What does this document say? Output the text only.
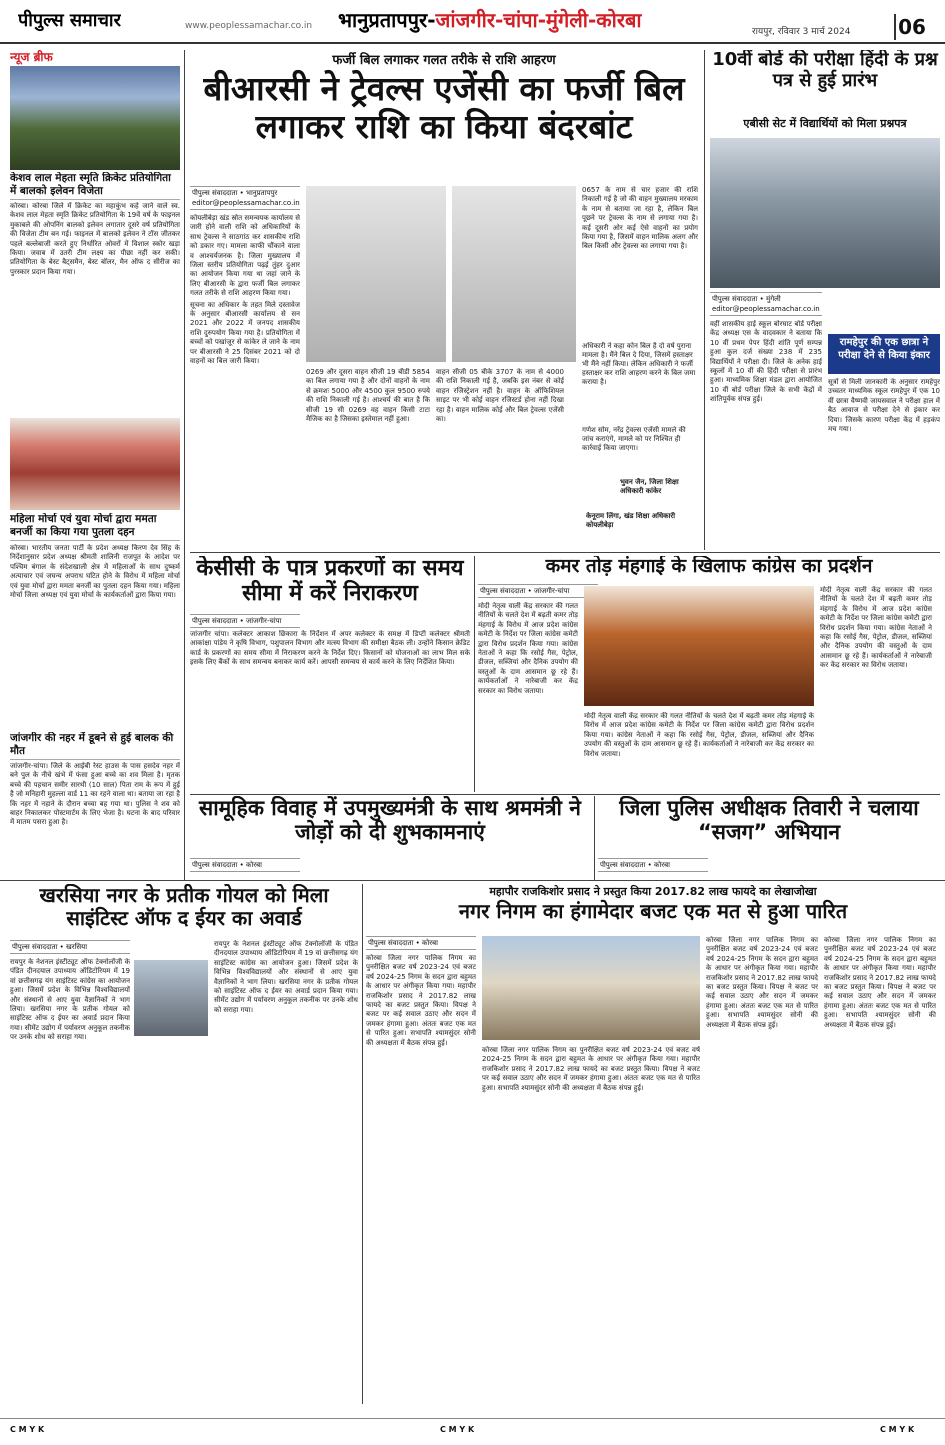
पीपुल्स समाचार	www.peoplessamachar.co.in भानुप्रतापपुर-जांजगीर-चांपा-मुंगेली-कोरबा	रायपुर, रविवार 3 मार्च 2024 06
न्यूज ब्रीफ
केशव लाल मेहता स्मृति क्रिकेट प्रतियोगिता में बालको इलेवन विजेता
कोरबा। कोरबा जिले में क्रिकेट का महाकुंभ कहे जाने वाले स्व. केशव लाल मेहता स्मृति क्रिकेट प्रतियोगिता के 19वें वर्ष के फाइनल मुकाबले की ओपनिंग बालको इलेवन लगातार दूसरे वर्ष प्रतियोगिता की विजेता टीम बन गई। फाइनल में बालको इलेवन ने टॉस जीतकर पहले बल्लेबाजी करते हुए निर्धारित ओवरों में विशाल स्कोर खड़ा किया। जवाब में उतरी टीम लक्ष्य का पीछा नहीं कर सकी। प्रतियोगिता के बेस्ट बैट्समैन, बेस्ट बॉलर, मैन ऑफ द सीरीज का पुरस्कार प्रदान किया गया।
महिला मोर्चा एवं युवा मोर्चा द्वारा ममता बनर्जी का किया गया पुतला दहन
कोरबा। भारतीय जनता पार्टी के प्रदेश अध्यक्ष किरण देव सिंह के निर्देशानुसार प्रदेश अध्यक्ष श्रीमती शालिनी राजपूत के आदेश पर पश्चिम बंगाल के संदेशखाली क्षेत्र में महिलाओं के साथ दुष्कर्म अत्याचार एवं जघन्य अपराध घटित होने के विरोध में महिला मोर्चा एवं युवा मोर्चा द्वारा ममता बनर्जी का पुतला दहन किया गया। महिला मोर्चा जिला अध्यक्ष एवं युवा मोर्चा के कार्यकर्ताओं द्वारा किया गया।
जांजगीर की नहर में डूबने से हुई बालक की मौत
जांजगीर-चांपा। जिले के आईबी रेस्ट हाउस के पास हसदेव नहर में बने पुल के नीचे खंभे में फंसा हुआ बच्चे का शव मिला है। मृतक बच्चे की पहचान समीर सारथी (10 साल) पिता राम के रूप में हुई है जो मनिहारी मुहल्ला वार्ड 11 का रहने वाला था। बताया जा रहा है कि नहर में नहाने के दौरान बच्चा बह गया था। पुलिस ने शव को बाहर निकालकर पोस्टमार्टम के लिए भेजा है। घटना के बाद परिवार में मातम पसरा हुआ है।
फर्जी बिल लगाकर गलत तरीके से राशि आहरण
बीआरसी ने ट्रेवल्स एजेंसी का फर्जी बिल लगाकर राशि का किया बंदरबांट
पीपुल्स संवाददाता • भानुप्रतापपुर
editor@peoplessamachar.co.in

कोयलीबेड़ा खंड स्रोत समन्वयक कार्यालय से जारी होने वाली राशि को अधिकारियों के साथ ट्रेवल्स ने साठगांठ कर शासकीय राशि को डकार गए। मामला काफी चौंकाने वाला व आश्चर्यजनक है। जिला मुख्यालय में जिला स्तरीय प्रतियोगिता पढ़ई तुंहर दुआर का आयोजन किया गया था जहां जाने के लिए बीआरसी के द्वारा फर्जी बिल लगाकर गलत तरीके से राशि आहरण किया गया।

सूचना का अधिकार के तहत मिले दस्तावेज के अनुसार बीआरसी कार्यालय से सन 2021 और 2022 में जनपद शासकीय राशि दुरुपयोग किया गया है। प्रतियोगिता में बच्चों को पखांजूर से कांकेर ले जाने के नाम पर बीआरसी ने 25 दिसंबर 2021 को दो वाहनों का बिल जारी किया।

0269 और दूसरा वाहन सीजी 19 बीडी 5854 का बिल लगाया गया है और दोनों वाहनों के नाम से क्रमशः 5000 और 4500 कुल 9500 रुपये की राशि निकाली गई है। आश्चर्य की बात है कि सीजी 19 सी 0269 वह वाहन किसी टाटा मैजिक का है जिसका इस्तेमाल नहीं हुआ।
वाहन सीजी 05 बीके 3707 के नाम से 4000 की राशि निकाली गई है, जबकि इस नंबर से कोई वाहन रजिस्ट्रेशन नहीं है। वाहन के ऑफिशियल साइट पर भी कोई वाहन रजिस्टर्ड होना नहीं दिखा रहा है। वाहन मालिक कोई और बिल ट्रेवल्स एजेंसी का।
0657 के नाम से चार हजार की राशि निकाली गई है जो की वाहन मुख्यालय मरकाम के नाम से बताया जा रहा है, लेकिन बिल पूछने पर ट्रेवल्स के नाम से लगाया गया है। कई दूसरी ओर कई ऐसे वाहनों का प्रयोग किया गया है, जिसमें वाहन मालिक अलग और बिल किसी और ट्रेवल्स का लगाया गया है।
अधिकारी ने कहा कोन बिल है दो वर्ष पुराना मामला है। मैंने बिल दे दिया, जिसमें हस्ताक्षर भी मैंने नहीं किया। लेकिन अधिकारी ने फर्जी हस्ताक्षर कर राशि आहरण करने के बिल जमा कराया है।
गणेश सोम, नरेंद्र ट्रेवल्स एजेंसी मामले की जांच कराएंगे, मामले को पर निश्चित ही कार्रवाई किया जाएगा।
भुवन जैन, जिला शिक्षा अधिकारी कांकेर
केनूराम लिंगा, खंड शिक्षा अधिकारी कोयलीबेड़ा
10वीं बोर्ड की परीक्षा हिंदी के प्रश्न पत्र से हुई प्रारंभ
एबीसी सेट में विद्यार्थियों को मिला प्रश्नपत्र
पीपुल्स संवाददाता • मुंगेली
editor@peoplessamachar.co.in
वहीं शासकीय हाई स्कूल बोरघाट बोर्ड परीक्षा केंद्र अध्यक्ष एस के वादवकार ने बताया कि 10 वीं प्रथम पेपर हिंदी शांति पूर्ण सम्पन्न हुआ कुल दर्ज संख्या 238 में 235 विद्यार्थियों ने परीक्षा दी। जिले के अनेक हाई स्कूलों में 10 वीं की हिंदी परीक्षा से प्रारंभ हुआ। माध्यमिक शिक्षा मंडल द्वारा आयोजित 10 वीं बोर्ड परीक्षा जिले के सभी केंद्रों में शांतिपूर्वक संपन्न हुई।
रामहेपुर की एक छात्रा ने परीक्षा देने से किया इंकार
सूत्रों से मिली जानकारी के अनुसार रामहेपुर उच्चतर माध्यमिक स्कूल रामहेपुर में एक 10 वीं छात्रा वैष्णवी जायसवाल ने परीक्षा हाल में बैठ आवाज से परीक्षा देने से इंकार कर दिया। जिसके कारण परीक्षा केंद्र में हड़कंप मच गया।
केसीसी के पात्र प्रकरणों का समय सीमा में करें निराकरण
पीपुल्स संवाददाता • जांजगीर-चांपा
जांजगीर चांपा। कलेक्टर आकाश छिकारा के निर्देशन में अपर कलेक्टर के समक्ष में डिप्टी कलेक्टर श्रीमती आकांक्षा पांडेय ने कृषि विभाग, पशुपालन विभाग और मत्स्य विभाग की समीक्षा बैठक ली। उन्होंने किसान क्रेडिट कार्ड के प्रकरणों का समय सीमा में निराकरण करने के निर्देश दिए। किसानों को योजनाओं का लाभ मिल सके इसके लिए बैंकों के साथ समन्वय बनाकर कार्य करें। आपसी समन्वय से कार्य करने के लिए निर्देशित किया।
कमर तोड़ मंहगाई के खिलाफ कांग्रेस का प्रदर्शन
पीपुल्स संवाददाता • जांजगीर-चांपा
मोदी नेतृत्व वाली केंद्र सरकार की गलत नीतियों के चलते देश में बढ़ती कमर तोड़ मंहगाई के विरोध में आज प्रदेश कांग्रेस कमेटी के निर्देश पर जिला कांग्रेस कमेटी द्वारा विरोध प्रदर्शन किया गया। कांग्रेस नेताओं ने कहा कि रसोई गैस, पेट्रोल, डीजल, सब्जियां और दैनिक उपयोग की वस्तुओं के दाम आसमान छू रहे हैं। कार्यकर्ताओं ने नारेबाजी कर केंद्र सरकार का विरोध जताया।
मोदी नेतृत्व वाली केंद्र सरकार की गलत नीतियों के चलते देश में बढ़ती कमर तोड़ मंहगाई के विरोध में आज प्रदेश कांग्रेस कमेटी के निर्देश पर जिला कांग्रेस कमेटी द्वारा विरोध प्रदर्शन किया गया। कांग्रेस नेताओं ने कहा कि रसोई गैस, पेट्रोल, डीजल, सब्जियां और दैनिक उपयोग की वस्तुओं के दाम आसमान छू रहे हैं। कार्यकर्ताओं ने नारेबाजी कर केंद्र सरकार का विरोध जताया।
मोदी नेतृत्व वाली केंद्र सरकार की गलत नीतियों के चलते देश में बढ़ती कमर तोड़ मंहगाई के विरोध में आज प्रदेश कांग्रेस कमेटी के निर्देश पर जिला कांग्रेस कमेटी द्वारा विरोध प्रदर्शन किया गया। कांग्रेस नेताओं ने कहा कि रसोई गैस, पेट्रोल, डीजल, सब्जियां और दैनिक उपयोग की वस्तुओं के दाम आसमान छू रहे हैं। कार्यकर्ताओं ने नारेबाजी कर केंद्र सरकार का विरोध जताया।
सामूहिक विवाह में उपमुख्यमंत्री के साथ श्रममंत्री ने जोड़ों को दी शुभकामनाएं
पीपुल्स संवाददाता • कोरबा
जिला पुलिस अधीक्षक तिवारी ने चलाया “सजग” अभियान
पीपुल्स संवाददाता • कोरबा
खरसिया नगर के प्रतीक गोयल को मिला साइंटिस्ट ऑफ द ईयर का अवार्ड
पीपुल्स संवाददाता • खरसिया
रायपुर के नेशनल इंस्टीट्यूट ऑफ टेक्नोलॉजी के पंडित दीनदयाल उपाध्याय ऑडिटोरियम में 19 वां छत्तीसगढ़ यंग साइंटिस्ट कांग्रेस का आयोजन हुआ। जिसमें प्रदेश के विभिन्न विश्वविद्यालयों और संस्थानों से आए युवा वैज्ञानिकों ने भाग लिया। खरसिया नगर के प्रतीक गोयल को साइंटिस्ट ऑफ द ईयर का अवार्ड प्रदान किया गया। सीमेंट उद्योग में पर्यावरण अनुकूल तकनीक पर उनके शोध को सराहा गया।
रायपुर के नेशनल इंस्टीट्यूट ऑफ टेक्नोलॉजी के पंडित दीनदयाल उपाध्याय ऑडिटोरियम में 19 वां छत्तीसगढ़ यंग साइंटिस्ट कांग्रेस का आयोजन हुआ। जिसमें प्रदेश के विभिन्न विश्वविद्यालयों और संस्थानों से आए युवा वैज्ञानिकों ने भाग लिया। खरसिया नगर के प्रतीक गोयल को साइंटिस्ट ऑफ द ईयर का अवार्ड प्रदान किया गया। सीमेंट उद्योग में पर्यावरण अनुकूल तकनीक पर उनके शोध को सराहा गया।
महापौर राजकिशोर प्रसाद ने प्रस्तुत किया 2017.82 लाख फायदे का लेखाजोखा
नगर निगम का हंगामेदार बजट एक मत से हुआ पारित
पीपुल्स संवाददाता • कोरबा
कोरबा जिला नगर पालिक निगम का पुनरीक्षित बजट वर्ष 2023-24 एवं बजट वर्ष 2024-25 निगम के सदन द्वारा बहुमत के आधार पर अंगीकृत किया गया। महापौर राजकिशोर प्रसाद ने 2017.82 लाख फायदे का बजट प्रस्तुत किया। विपक्ष ने बजट पर कई सवाल उठाए और सदन में जमकर हंगामा हुआ। अंततः बजट एक मत से पारित हुआ। सभापति श्यामसुंदर सोनी की अध्यक्षता में बैठक संपन्न हुई।
कोरबा जिला नगर पालिक निगम का पुनरीक्षित बजट वर्ष 2023-24 एवं बजट वर्ष 2024-25 निगम के सदन द्वारा बहुमत के आधार पर अंगीकृत किया गया। महापौर राजकिशोर प्रसाद ने 2017.82 लाख फायदे का बजट प्रस्तुत किया। विपक्ष ने बजट पर कई सवाल उठाए और सदन में जमकर हंगामा हुआ। अंततः बजट एक मत से पारित हुआ। सभापति श्यामसुंदर सोनी की अध्यक्षता में बैठक संपन्न हुई।
कोरबा जिला नगर पालिक निगम का पुनरीक्षित बजट वर्ष 2023-24 एवं बजट वर्ष 2024-25 निगम के सदन द्वारा बहुमत के आधार पर अंगीकृत किया गया। महापौर राजकिशोर प्रसाद ने 2017.82 लाख फायदे का बजट प्रस्तुत किया। विपक्ष ने बजट पर कई सवाल उठाए और सदन में जमकर हंगामा हुआ। अंततः बजट एक मत से पारित हुआ। सभापति श्यामसुंदर सोनी की अध्यक्षता में बैठक संपन्न हुई।
कोरबा जिला नगर पालिक निगम का पुनरीक्षित बजट वर्ष 2023-24 एवं बजट वर्ष 2024-25 निगम के सदन द्वारा बहुमत के आधार पर अंगीकृत किया गया। महापौर राजकिशोर प्रसाद ने 2017.82 लाख फायदे का बजट प्रस्तुत किया। विपक्ष ने बजट पर कई सवाल उठाए और सदन में जमकर हंगामा हुआ। अंततः बजट एक मत से पारित हुआ। सभापति श्यामसुंदर सोनी की अध्यक्षता में बैठक संपन्न हुई।
C M Y K	C M Y K	C M Y K
